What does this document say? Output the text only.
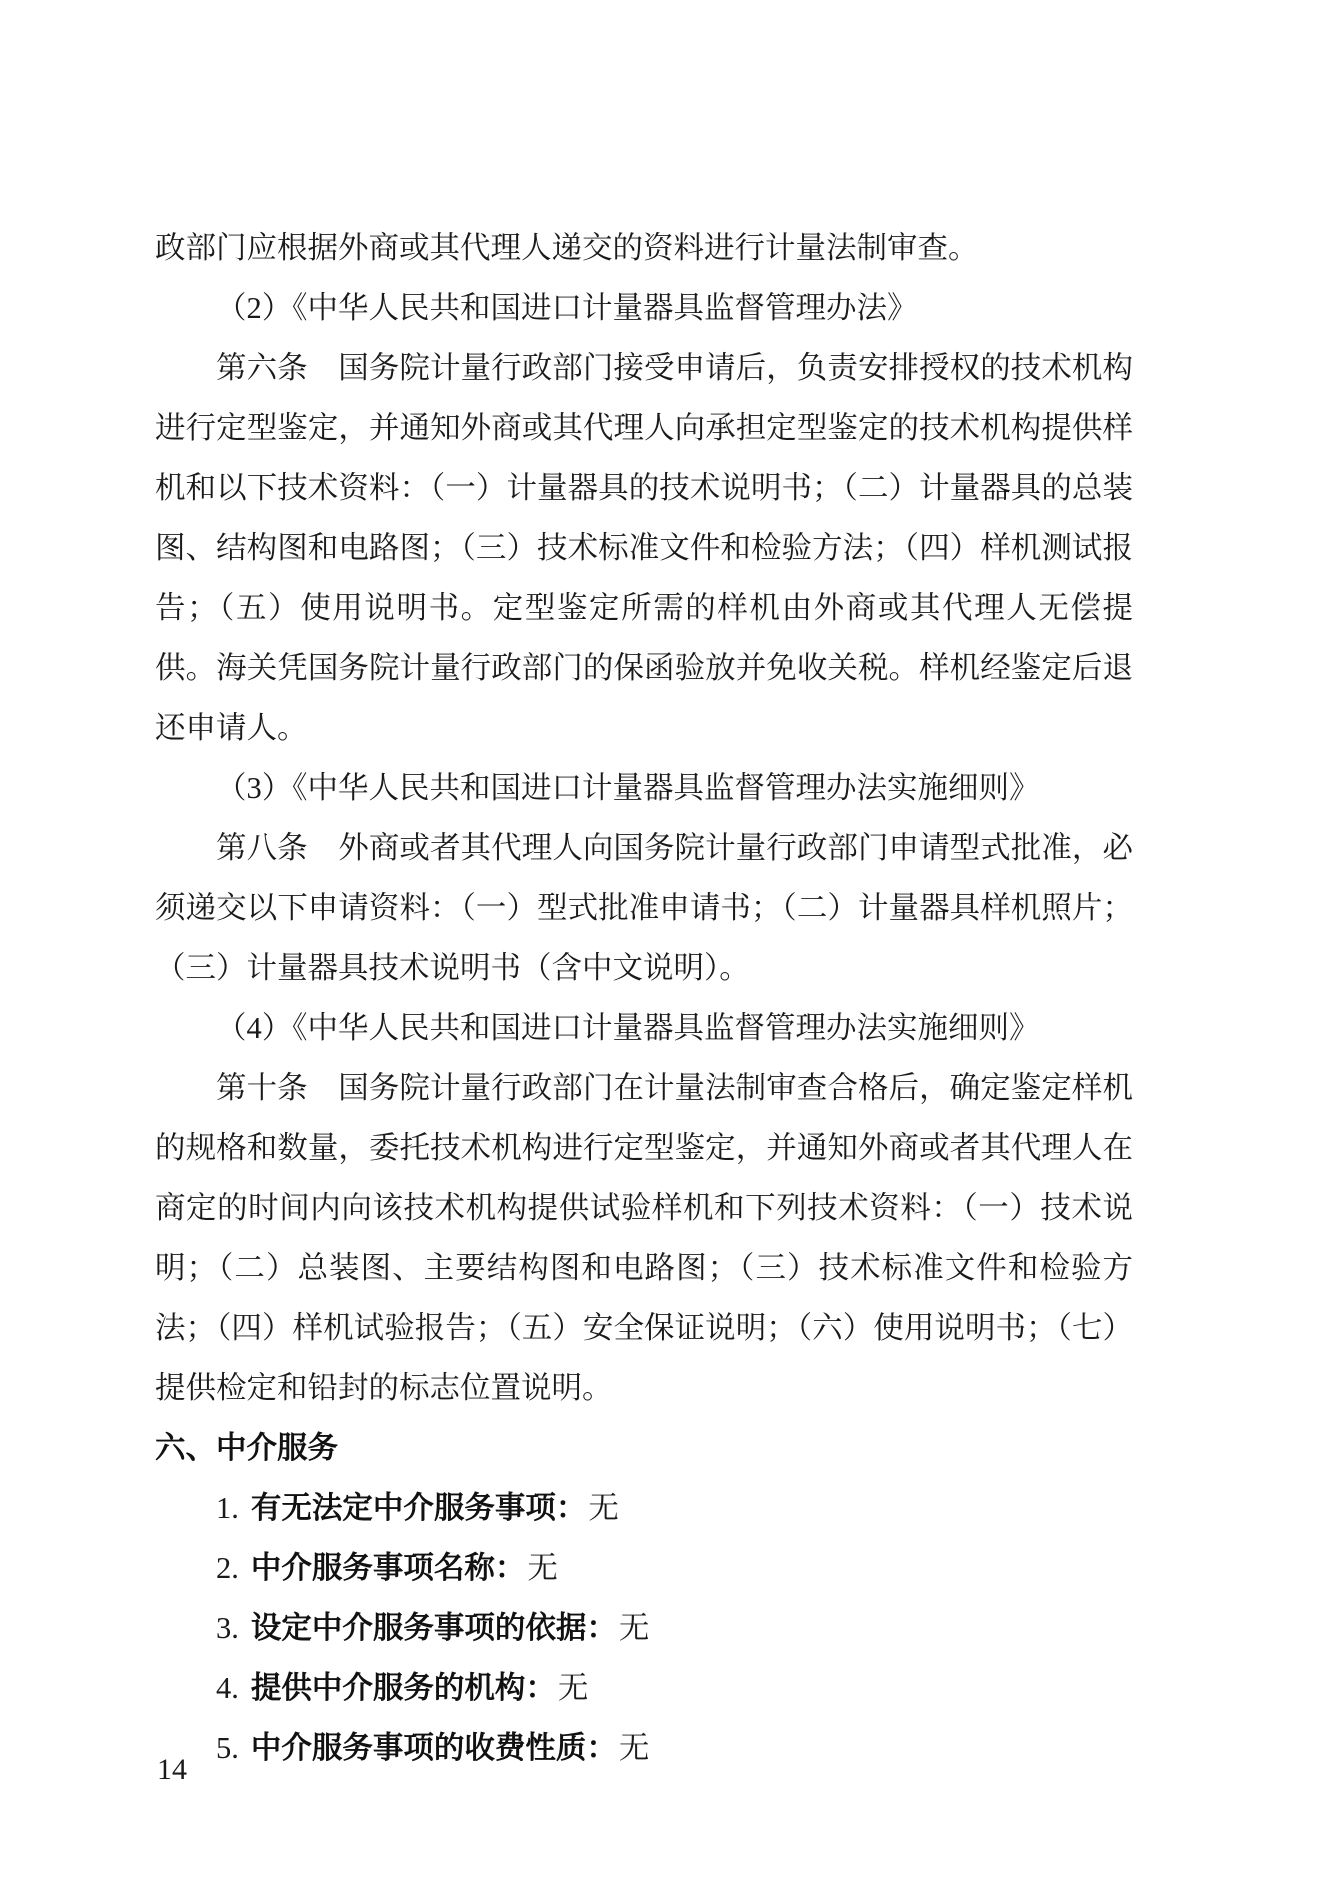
政部门应根据外商或其代理人递交的资料进行计量法制审查。

（2）《中华人民共和国进口计量器具监督管理办法》

第六条　国务院计量行政部门接受申请后，负责安排授权的技术机构进行定型鉴定，并通知外商或其代理人向承担定型鉴定的技术机构提供样机和以下技术资料：（一）计量器具的技术说明书；（二）计量器具的总装图、结构图和电路图；（三）技术标准文件和检验方法；（四）样机测试报告；（五）使用说明书。定型鉴定所需的样机由外商或其代理人无偿提供。海关凭国务院计量行政部门的保函验放并免收关税。样机经鉴定后退还申请人。

（3）《中华人民共和国进口计量器具监督管理办法实施细则》

第八条　外商或者其代理人向国务院计量行政部门申请型式批准，必须递交以下申请资料：（一）型式批准申请书；（二）计量器具样机照片；（三）计量器具技术说明书（含中文说明）。

（4）《中华人民共和国进口计量器具监督管理办法实施细则》

第十条　国务院计量行政部门在计量法制审查合格后，确定鉴定样机的规格和数量，委托技术机构进行定型鉴定，并通知外商或者其代理人在商定的时间内向该技术机构提供试验样机和下列技术资料：（一）技术说明；（二）总装图、主要结构图和电路图；（三）技术标准文件和检验方法；（四）样机试验报告；（五）安全保证说明；（六）使用说明书；（七）提供检定和铅封的标志位置说明。

六、中介服务
1. 有无法定中介服务事项：无
2. 中介服务事项名称：无
3. 设定中介服务事项的依据：无
4. 提供中介服务的机构：无
5. 中介服务事项的收费性质：无
14
